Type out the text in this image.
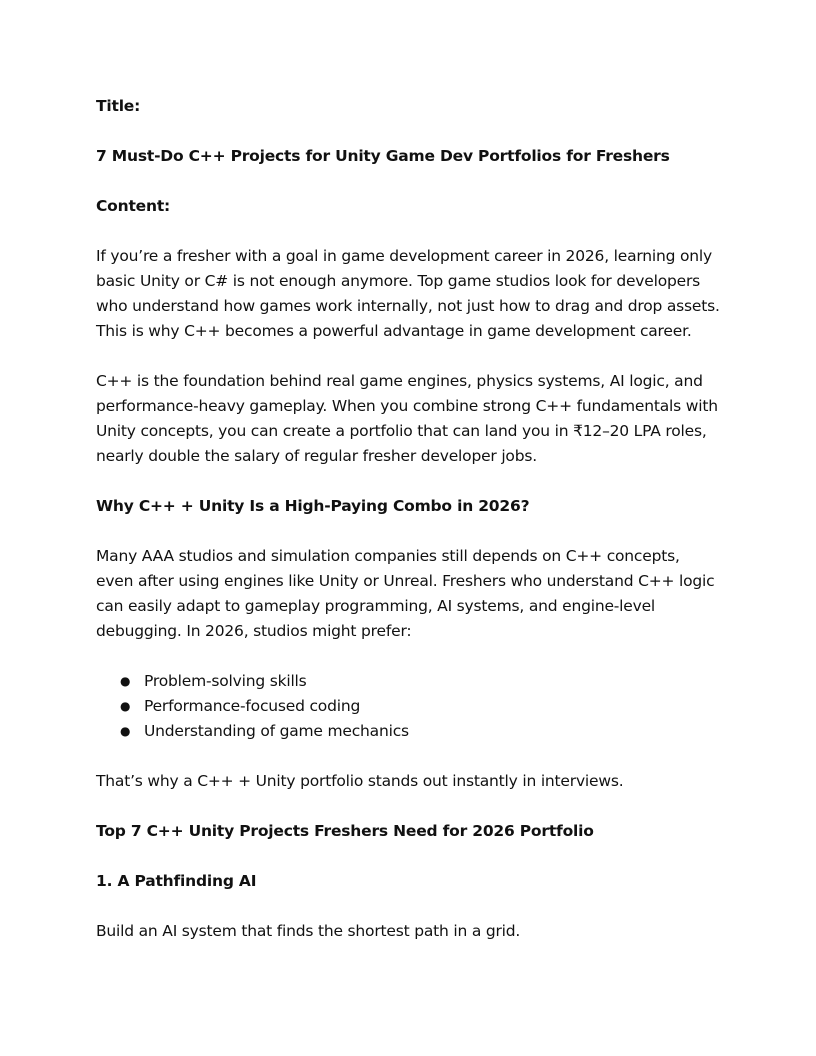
Title:

7 Must-Do C++ Projects for Unity Game Dev Portfolios for Freshers

Content:

If you’re a fresher with a goal in game development career in 2026, learning only basic Unity or C# is not enough anymore. Top game studios look for developers who understand how games work internally, not just how to drag and drop assets. This is why C++ becomes a powerful advantage in game development career.

C++ is the foundation behind real game engines, physics systems, AI logic, and performance-heavy gameplay. When you combine strong C++ fundamentals with Unity concepts, you can create a portfolio that can land you in ₹12–20 LPA roles, nearly double the salary of regular fresher developer jobs.

Why C++ + Unity Is a High-Paying Combo in 2026?

Many AAA studios and simulation companies still depends on C++ concepts, even after using engines like Unity or Unreal. Freshers who understand C++ logic can easily adapt to gameplay programming, AI systems, and engine-level debugging. In 2026, studios might prefer:

● Problem-solving skills
● Performance-focused coding
● Understanding of game mechanics

That’s why a C++ + Unity portfolio stands out instantly in interviews.

Top 7 C++ Unity Projects Freshers Need for 2026 Portfolio

1. A Pathfinding AI

Build an AI system that finds the shortest path in a grid.
